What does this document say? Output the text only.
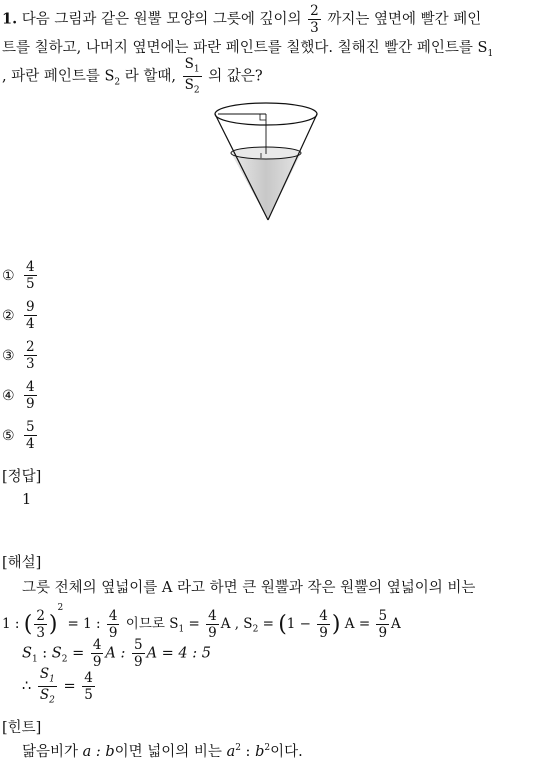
1. 다음 그림과 같은 원뿔 모양의 그릇에 깊이의 $\frac{2}{3}$ 까지는 옆면에 빨간 페인
트를 칠하고, 나머지 옆면에는 파란 페인트를 칠했다. 칠해진 빨간 페인트를 $S_1$
, 파란 페인트를 $S_2$ 라 할때, $\frac{S_1}{S_2}$ 의 값은?
① $\frac{4}{5}$
② $\frac{9}{4}$
③ $\frac{2}{3}$
④ $\frac{4}{9}$
⑤ $\frac{5}{4}$
[정답]
1
[해설]
그릇 전체의 옆넓이를 A 라고 하면 큰 원뿔과 작은 원뿔의 옆넓이의 비는
1 : ( $\frac{2}{3} )^2 = 1$ : $\frac{4}{9}$ 이므로 $S_1 = \frac{4}{9}$ A , $S_2 = (1 - \frac{4}{9}$ ) $A = \frac{5}{9}$ A
$S_1$ : $S_2 = \frac{4}{9}$ A : $\frac{5}{9}$ A = 4 : 5
∴ $\frac{S_1}{S_2} = \frac{4}{5}$
[힌트]
닮음비가 a : b이면 넓이의 비는 $a^2$ : $b^2$이다.
